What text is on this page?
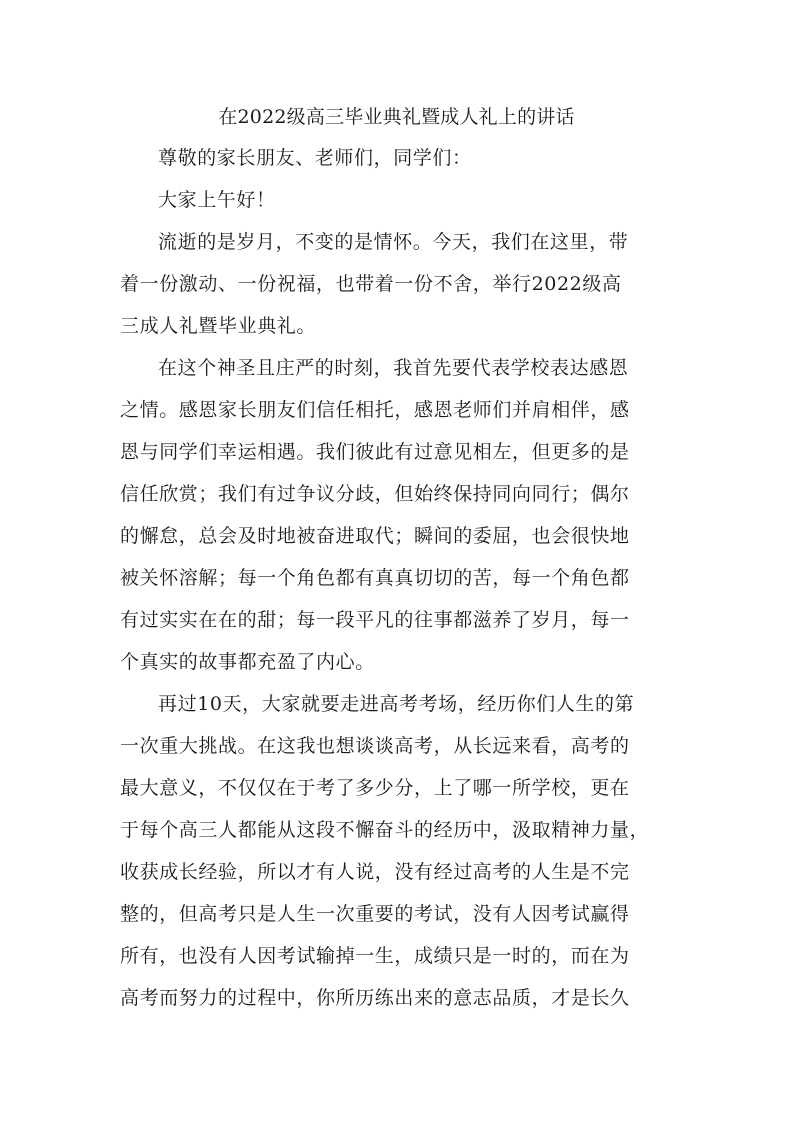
在2022级高三毕业典礼暨成人礼上的讲话
尊敬的家长朋友、老师们，同学们：
大家上午好！
流逝的是岁月，不变的是情怀。今天，我们在这里，带
着一份激动、一份祝福，也带着一份不舍，举行2022级高
三成人礼暨毕业典礼。
在这个神圣且庄严的时刻，我首先要代表学校表达感恩
之情。感恩家长朋友们信任相托，感恩老师们并肩相伴，感
恩与同学们幸运相遇。我们彼此有过意见相左，但更多的是
信任欣赏；我们有过争议分歧，但始终保持同向同行；偶尔
的懈怠，总会及时地被奋进取代；瞬间的委屈，也会很快地
被关怀溶解；每一个角色都有真真切切的苦，每一个角色都
有过实实在在的甜；每一段平凡的往事都滋养了岁月，每一
个真实的故事都充盈了内心。
再过10天，大家就要走进高考考场，经历你们人生的第
一次重大挑战。在这我也想谈谈高考，从长远来看，高考的
最大意义，不仅仅在于考了多少分，上了哪一所学校，更在
于每个高三人都能从这段不懈奋斗的经历中，汲取精神力量，
收获成长经验，所以才有人说，没有经过高考的人生是不完
整的，但高考只是人生一次重要的考试，没有人因考试赢得
所有，也没有人因考试输掉一生，成绩只是一时的，而在为
高考而努力的过程中，你所历练出来的意志品质，才是长久
